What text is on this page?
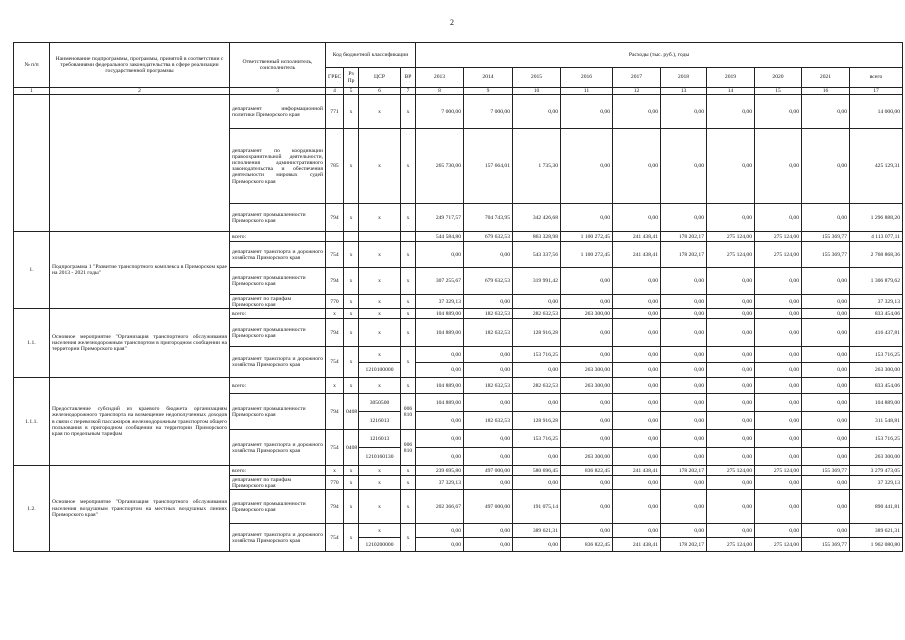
2
№ п/п	Наименование подпрограммы, программы, принятой в соответствии с требованиями федерального законодательства в сфере реализации государственной программы	Ответственный исполнитель, соисполнитель	Код бюджетной классификации				Расходы (тыс. руб.), годы									
			ГРБС	Рз Пр	ЦСР	ВР	2013	2014	2015	2016	2017	2018	2019	2020	2021	всего
1	2	3	4	5	6	7	8	9	10	11	12	13	14	15	16	17
		департамент информационной политики Приморского края	771	x	x	x	7 000,00	7 000,00	0,00	0,00	0,00	0,00	0,00	0,00	0,00	14 000,00
		департамент по координации правоохранительной деятельности, исполнения административного законодательства и обеспечения деятельности мировых судей Приморского края	785	x	x	x	265 730,00	157 664,01	1 735,30	0,00	0,00	0,00	0,00	0,00	0,00	425 129,31
		департамент промышленности Приморского края	794	x	x	x	249 717,57	704 743,95	342 426,68	0,00	0,00	0,00	0,00	0,00	0,00	1 296 888,20
1.	Подпрограмма 1 "Развитие транспортного комплекса в Приморском крае на 2013 - 2021 годы"	всего:					544 584,80	679 632,53	863 328,98	1 100 272,45	241 438,41	178 202,17	275 124,00	275 124,00	155 369,77	4 113 077,11
		департамент транспорта и дорожного хозяйства Приморского края	754	x	x	x	0,00	0,00	543 337,56	1 100 272,45	241 438,41	178 202,17	275 124,00	275 124,00	155 369,77	2 768 868,36
		департамент промышленности Приморского края	794	x	x	x	307 255,67	679 632,53	319 991,42	0,00	0,00	0,00	0,00	0,00	0,00	1 306 879,62
		департамент по тарифам Приморского края	770	x	x	x	37 329,13	0,00	0,00	0,00	0,00	0,00	0,00	0,00	0,00	37 329,13
1.1.	Основное мероприятие "Организация транспортного обслуживания населения железнодорожным транспортом в пригородном сообщении на территории Приморского края"	всего:	x	x	x	x	104 889,00	182 632,53	282 632,53	263 300,00	0,00	0,00	0,00	0,00	0,00	833 454,06
		департамент промышленности Приморского края	794	x	x	x	104 889,00	182 632,53	128 916,28	0,00	0,00	0,00	0,00	0,00	0,00	416 437,81
		департамент транспорта и дорожного хозяйства Приморского края	754	x	x	x	0,00	0,00	153 716,25	0,00	0,00	0,00	0,00	0,00	0,00	153 716,25
					1210100000		0,00	0,00	0,00	263 300,00	0,00	0,00	0,00	0,00	0,00	263 300,00
1.1.1.	Предоставление субсидий из краевого бюджета организациям железнодорожного транспорта на возмещение недополученных доходов в связи с перевозкой пассажиров железнодорожным транспортом общего пользования в пригородном сообщении на территории Приморского края по предельным тарифам	всего:	x	x	x	x	104 889,00	182 632,53	282 632,53	263 300,00	0,00	0,00	0,00	0,00	0,00	833 454,06
		департамент промышленности Приморского края	794	0408	3050500	006 810	104 889,00	0,00	0,00	0,00	0,00	0,00	0,00	0,00	0,00	104 889,00
					1216013		0,00	182 632,53	128 916,28	0,00	0,00	0,00	0,00	0,00	0,00	311 548,81
		департамент транспорта и дорожного хозяйства Приморского края	754	0408	1216013	006 810	0,00	0,00	153 716,25	0,00	0,00	0,00	0,00	0,00	0,00	153 716,25
					1210160130		0,00	0,00	0,00	263 300,00	0,00	0,00	0,00	0,00	0,00	263 300,00
1.2.	Основное мероприятие "Организация транспортного обслуживания населения воздушным транспортом на местных воздушных линиях Приморского края"	всего:	x	x	x	x	239 695,80	497 000,00	580 696,45	836 822,45	241 438,41	178 202,17	275 124,00	275 124,00	155 369,77	3 279 473,05
		департамент по тарифам Приморского края	770	x	x	x	37 329,13	0,00	0,00	0,00	0,00	0,00	0,00	0,00	0,00	37 329,13
		департамент промышленности Приморского края	794	x	x	x	202 366,67	497 000,00	191 075,14	0,00	0,00	0,00	0,00	0,00	0,00	890 441,81
		департамент транспорта и дорожного хозяйства Приморского края	754	x	x	x	0,00	0,00	389 621,31	0,00	0,00	0,00	0,00	0,00	0,00	389 621,31
					1210200000		0,00	0,00	0,00	836 822,45	241 438,41	178 202,17	275 124,00	275 124,00	155 369,77	1 962 080,80
